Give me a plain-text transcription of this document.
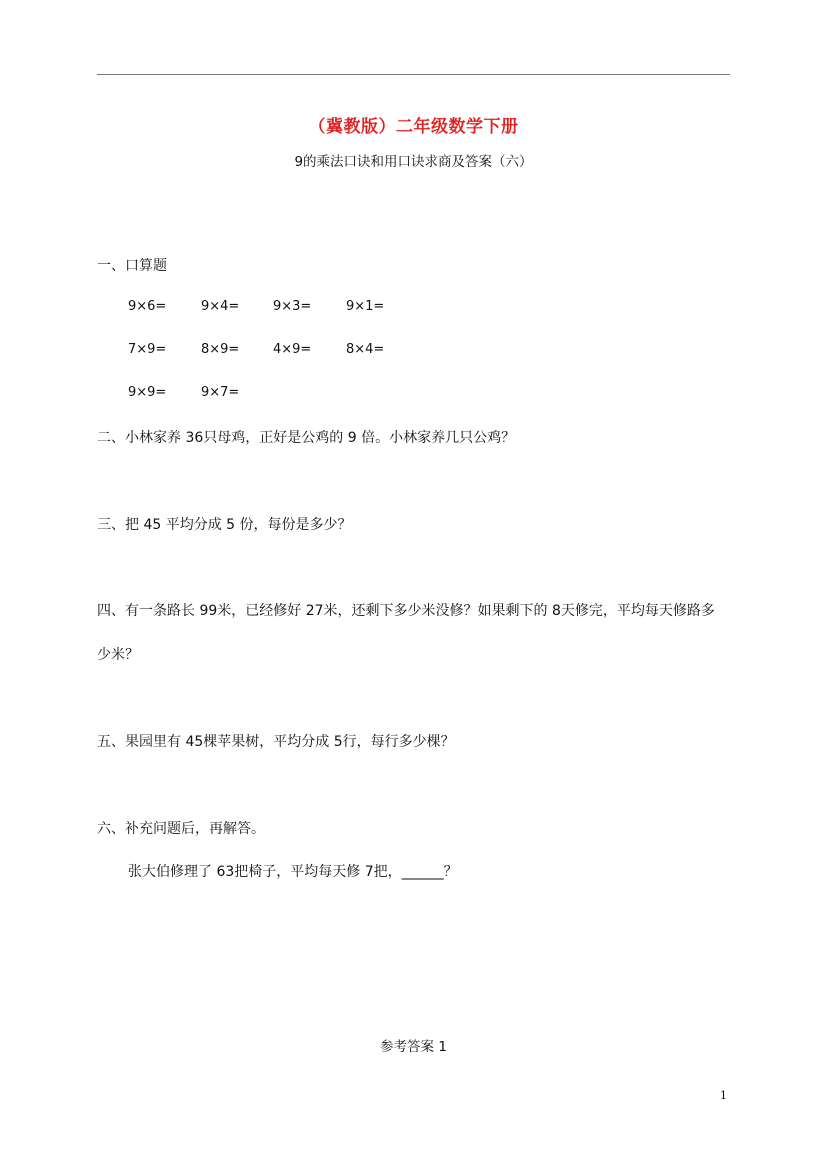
（冀教版）二年级数学下册
9的乘法口诀和用口诀求商及答案（六）
一、口算题
9×6=	9×4=	9×3=	9×1=
7×9=	8×9=	4×9=	8×4=
9×9=	9×7=
二、小林家养 36只母鸡，正好是公鸡的 9 倍。小林家养几只公鸡？
三、把 45 平均分成 5 份，每份是多少？
四、有一条路长 99米，已经修好 27米，还剩下多少米没修？如果剩下的 8天修完，平均每天修路多
少米？
五、果园里有 45棵苹果树，平均分成 5行，每行多少棵？
六、补充问题后，再解答。
张大伯修理了 63把椅子，平均每天修 7把，______？
参考答案 1
1
